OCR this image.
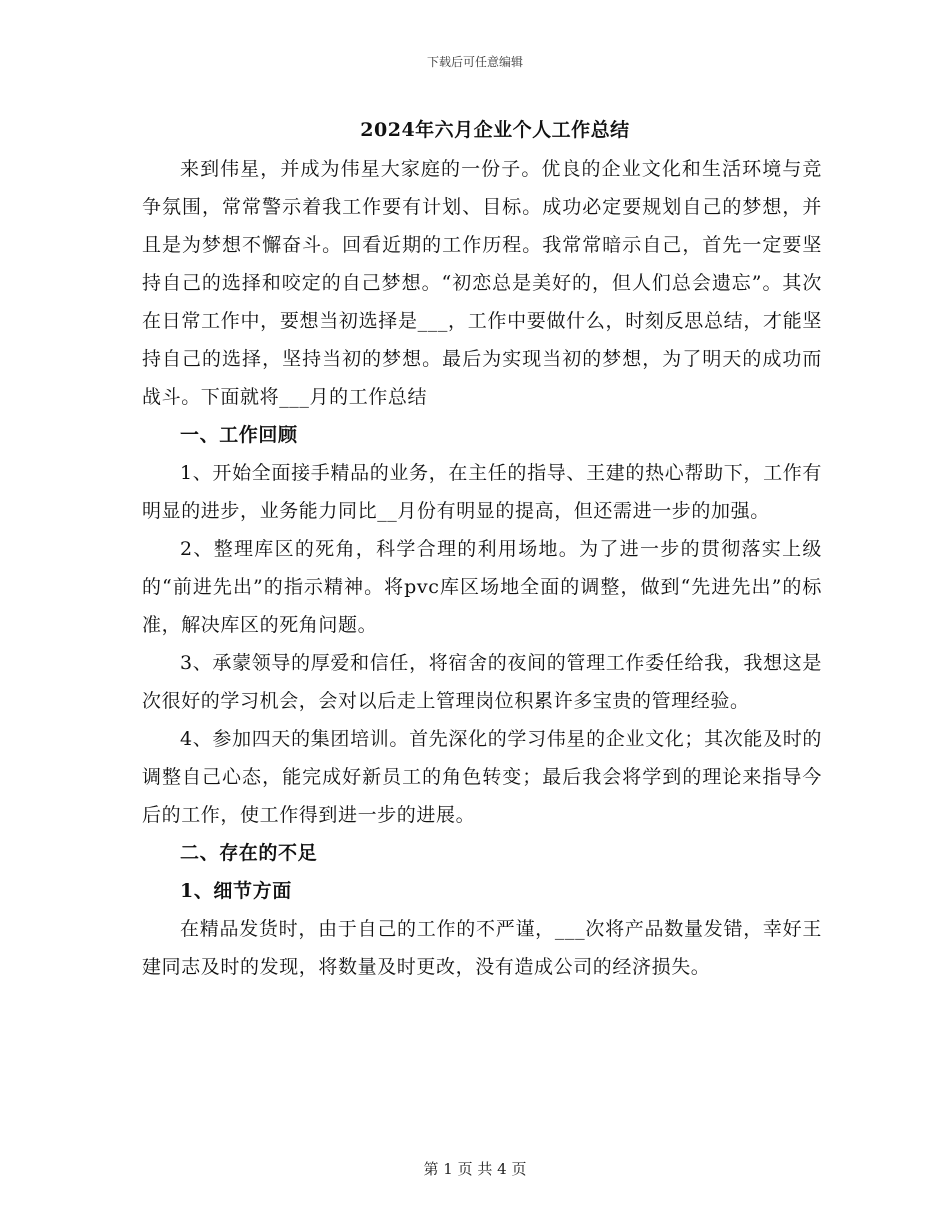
下载后可任意编辑
2024年六月企业个人工作总结

来到伟星，并成为伟星大家庭的一份子。优良的企业文化和生活环境与竞争氛围，常常警示着我工作要有计划、目标。成功必定要规划自己的梦想，并且是为梦想不懈奋斗。回看近期的工作历程。我常常暗示自己，首先一定要坚持自己的选择和咬定的自己梦想。“初恋总是美好的，但人们总会遗忘”。其次在日常工作中，要想当初选择是___，工作中要做什么，时刻反思总结，才能坚持自己的选择，坚持当初的梦想。最后为实现当初的梦想，为了明天的成功而战斗。下面就将___月的工作总结

一、工作回顾

1、开始全面接手精品的业务，在主任的指导、王建的热心帮助下，工作有明显的进步，业务能力同比__月份有明显的提高，但还需进一步的加强。

2、整理库区的死角，科学合理的利用场地。为了进一步的贯彻落实上级的“前进先出”的指示精神。将pvc库区场地全面的调整，做到“先进先出”的标准，解决库区的死角问题。

3、承蒙领导的厚爱和信任，将宿舍的夜间的管理工作委任给我，我想这是次很好的学习机会，会对以后走上管理岗位积累许多宝贵的管理经验。

4、参加四天的集团培训。首先深化的学习伟星的企业文化；其次能及时的调整自己心态，能完成好新员工的角色转变；最后我会将学到的理论来指导今后的工作，使工作得到进一步的进展。

二、存在的不足

1、细节方面

在精品发货时，由于自己的工作的不严谨，___次将产品数量发错，幸好王建同志及时的发现，将数量及时更改，没有造成公司的经济损失。

第 1 页 共 4 页
